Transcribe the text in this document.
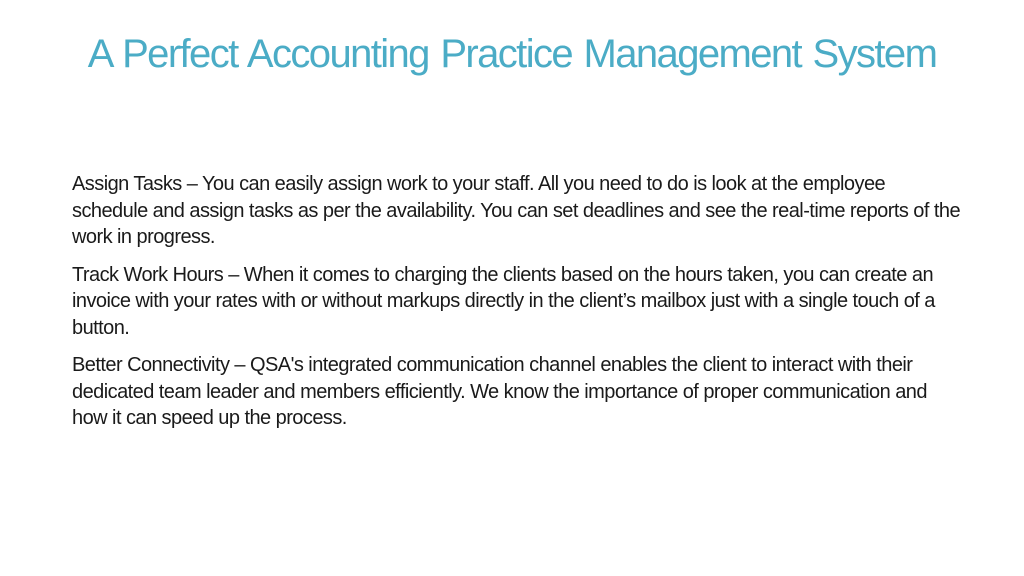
A Perfect Accounting Practice Management System

Assign Tasks – You can easily assign work to your staff. All you need to do is look at the employee schedule and assign tasks as per the availability. You can set deadlines and see the real-time reports of the work in progress.

Track Work Hours – When it comes to charging the clients based on the hours taken, you can create an invoice with your rates with or without markups directly in the client’s mailbox just with a single touch of a button.

Better Connectivity – QSA's integrated communication channel enables the client to interact with their dedicated team leader and members efficiently. We know the importance of proper communication and how it can speed up the process.
